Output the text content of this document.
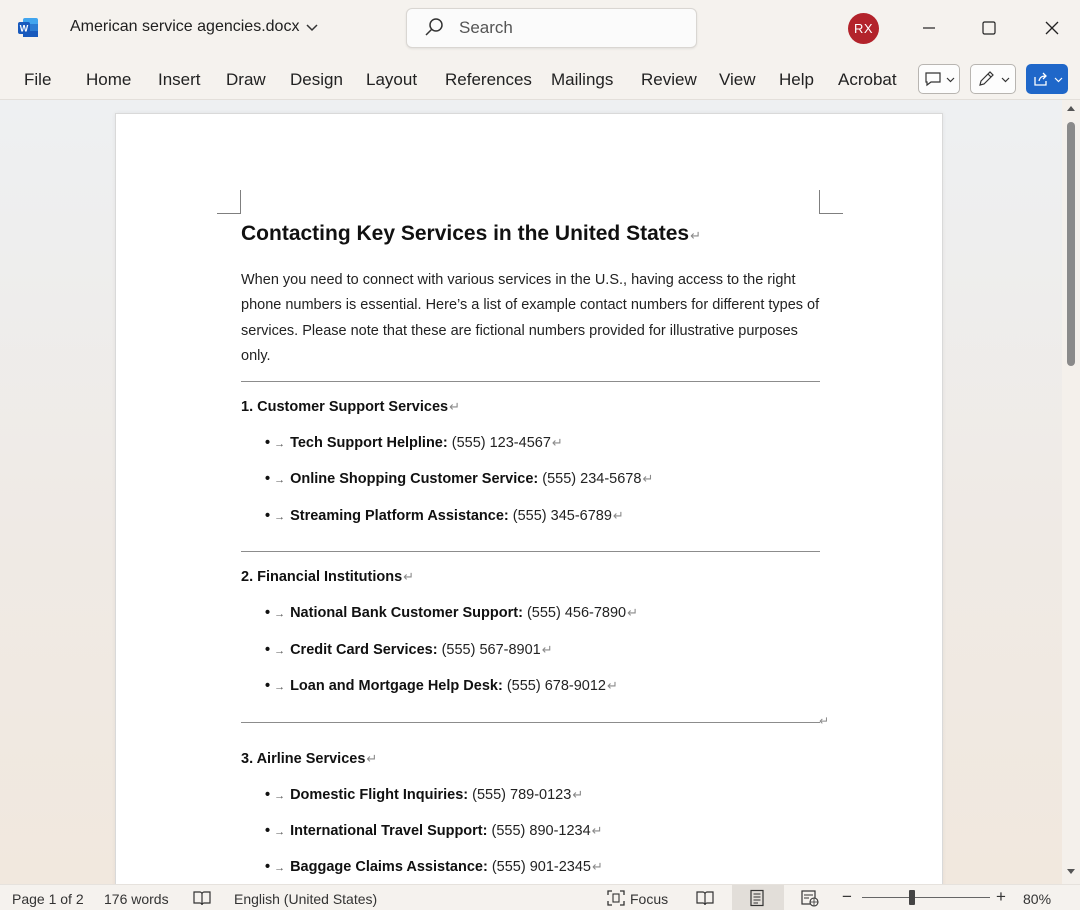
W	American service agencies.docx
Search	RX
File Home Insert Draw Design Layout References Mailings Review View Help Acrobat
Contacting Key Services in the United States↵
When you need to connect with various services in the U.S., having access to the right phone numbers is essential. Here’s a list of example contact numbers for different types of services. Please note that these are fictional numbers provided for illustrative purposes only.
1. Customer Support Services↵
• → Tech Support Helpline: (555) 123-4567↵
• → Online Shopping Customer Service: (555) 234-5678↵
• → Streaming Platform Assistance: (555) 345-6789↵
2. Financial Institutions↵
• → National Bank Customer Support: (555) 456-7890↵
• → Credit Card Services: (555) 567-8901↵
• → Loan and Mortgage Help Desk: (555) 678-9012↵
↵
3. Airline Services↵
• → Domestic Flight Inquiries: (555) 789-0123↵
• → International Travel Support: (555) 890-1234↵
• → Baggage Claims Assistance: (555) 901-2345↵
Page 1 of 2 176 words	English (United States)	Focus	−	+ 80%
